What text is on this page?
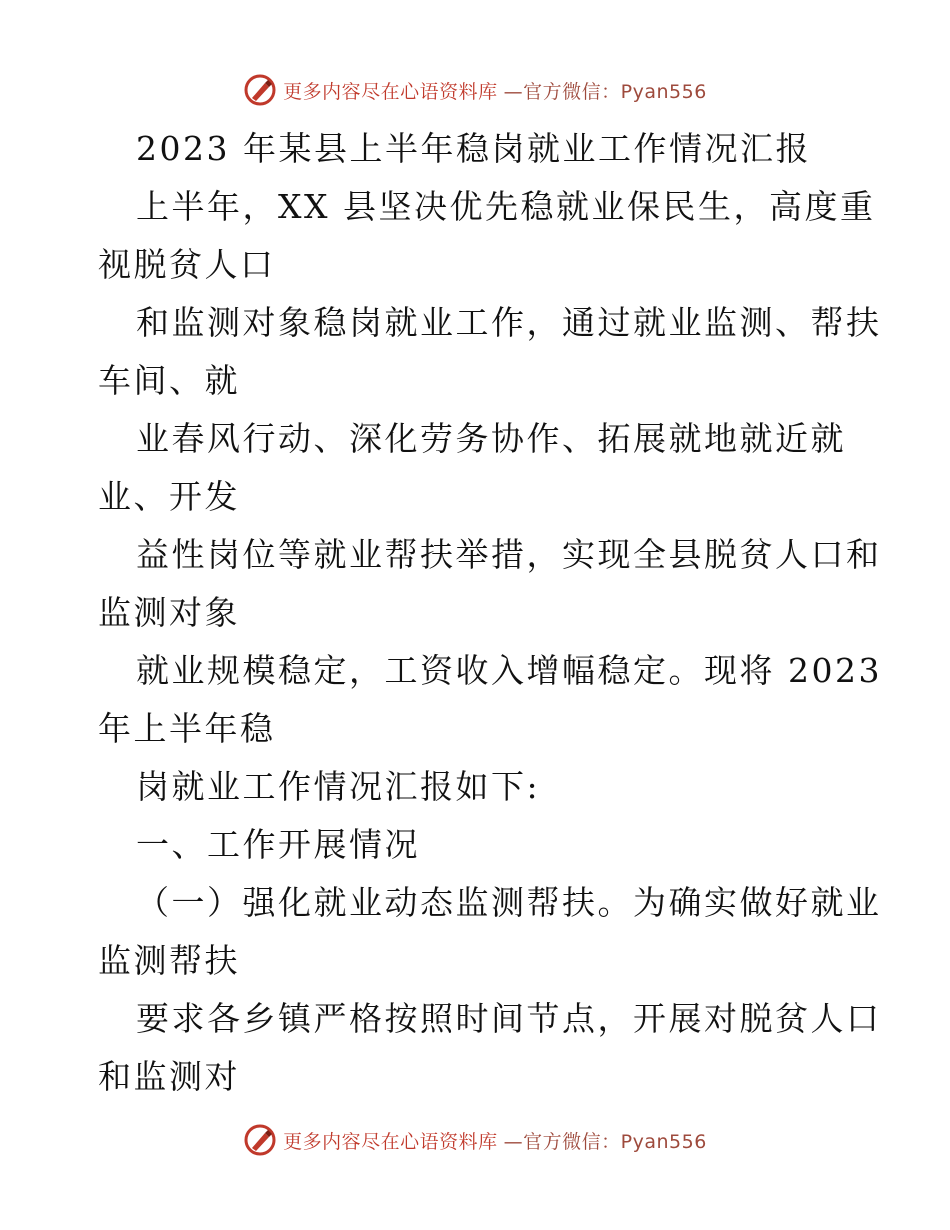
更多内容尽在心语资料库 —官方微信：Pyan556
2023 年某县上半年稳岗就业工作情况汇报
上半年，XX 县坚决优先稳就业保民生，高度重
视脱贫人口
和监测对象稳岗就业工作，通过就业监测、帮扶
车间、就
业春风行动、深化劳务协作、拓展就地就近就
业、开发
益性岗位等就业帮扶举措，实现全县脱贫人口和
监测对象
就业规模稳定，工资收入增幅稳定。现将 2023
年上半年稳
岗就业工作情况汇报如下:
一、工作开展情况
（一）强化就业动态监测帮扶。为确实做好就业
监测帮扶
要求各乡镇严格按照时间节点，开展对脱贫人口
和监测对
更多内容尽在心语资料库 —官方微信：Pyan556
